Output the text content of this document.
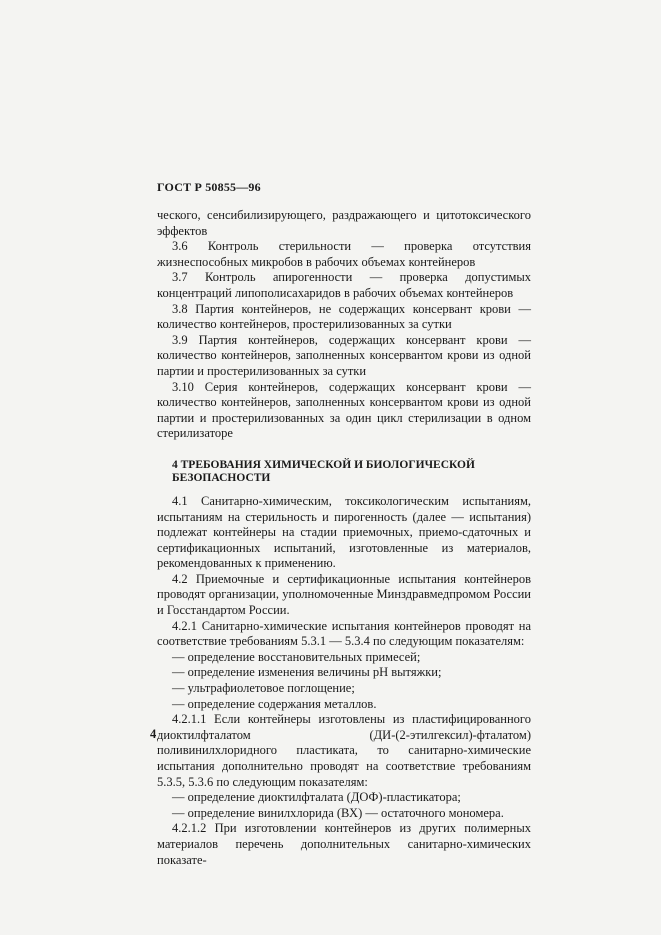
ГОСТ Р 50855—96

ческого, сенсибилизирующего, раздражающего и цитотоксического эффектов

3.6 Контроль стерильности — проверка отсутствия жизнеспособных микробов в рабочих объемах контейнеров

3.7 Контроль апирогенности — проверка допустимых концентраций липополисахаридов в рабочих объемах контейнеров

3.8 Партия контейнеров, не содержащих консервант крови — количество контейнеров, простерилизованных за сутки

3.9 Партия контейнеров, содержащих консервант крови — количество контейнеров, заполненных консервантом крови из одной партии и простерилизованных за сутки

3.10 Серия контейнеров, содержащих консервант крови — количество контейнеров, заполненных консервантом крови из одной партии и простерилизованных за один цикл стерилизации в одном стерилизаторе

4 ТРЕБОВАНИЯ ХИМИЧЕСКОЙ И БИОЛОГИЧЕСКОЙ
БЕЗОПАСНОСТИ

4.1 Санитарно-химическим, токсикологическим испытаниям, испытаниям на стерильность и пирогенность (далее — испытания) подлежат контейнеры на стадии приемочных, приемо-сдаточных и сертификационных испытаний, изготовленные из материалов, рекомендованных к применению.

4.2 Приемочные и сертификационные испытания контейнеров проводят организации, уполномоченные Минздравмедпромом России и Госстандартом России.

4.2.1 Санитарно-химические испытания контейнеров проводят на соответствие требованиям 5.3.1 — 5.3.4 по следующим показателям:

— определение восстановительных примесей;

— определение изменения величины рН вытяжки;

— ультрафиолетовое поглощение;

— определение содержания металлов.

4.2.1.1 Если контейнеры изготовлены из пластифицированного диоктилфталатом (ДИ-(2-этилгексил)-фталатом) поливинилхлоридного пластиката, то санитарно-химические испытания дополнительно проводят на соответствие требованиям 5.3.5, 5.3.6 по следующим показателям:

— определение диоктилфталата (ДОФ)-пластикатора;

— определение винилхлорида (ВХ) — остаточного мономера.

4.2.1.2 При изготовлении контейнеров из других полимерных материалов перечень дополнительных санитарно-химических показате-

4
